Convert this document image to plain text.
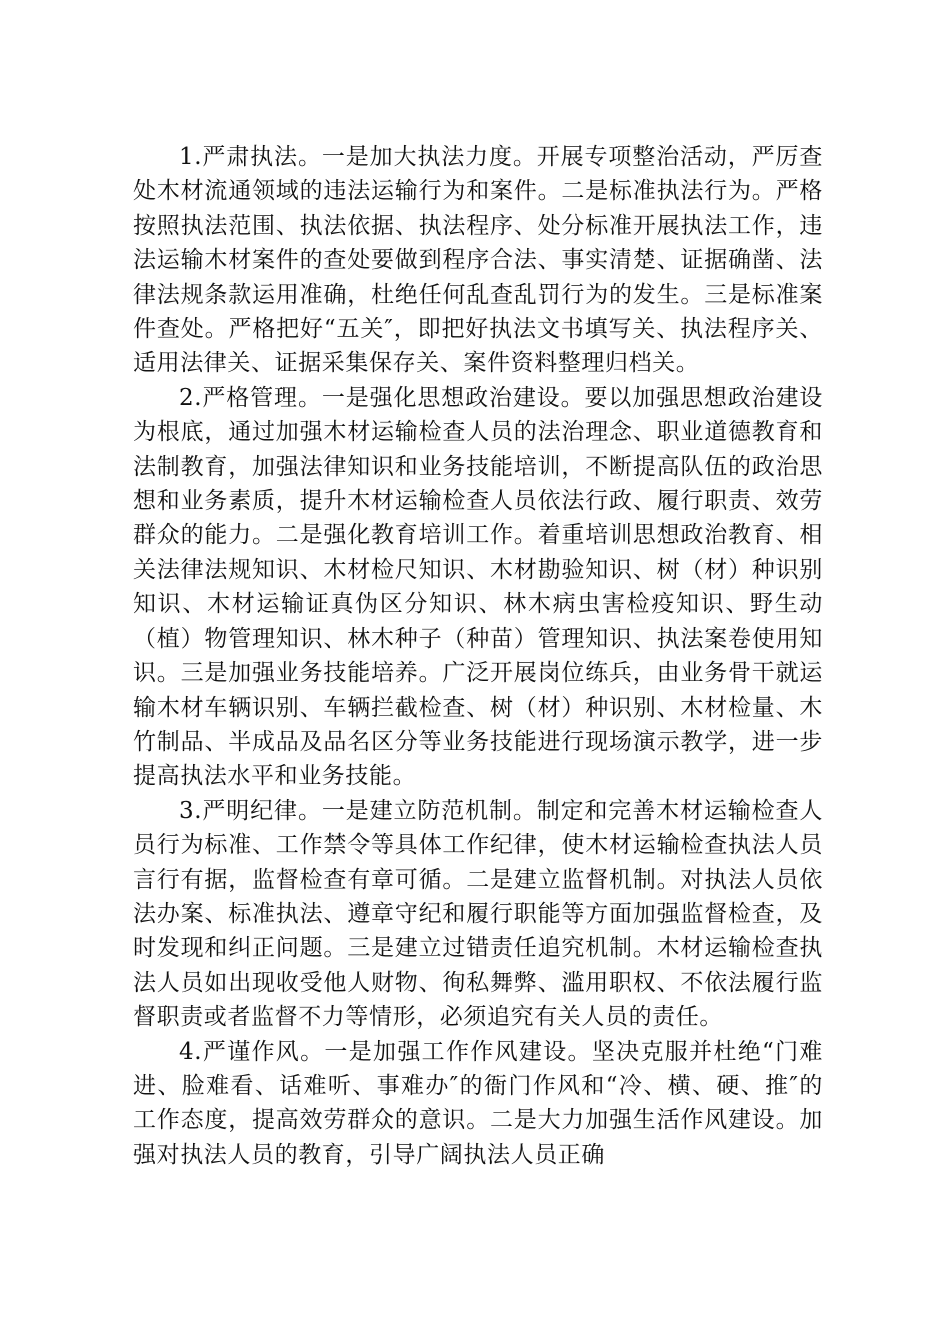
1.严肃执法。一是加大执法力度。开展专项整治活动，严厉查处木材流通领域的违法运输行为和案件。二是标准执法行为。严格按照执法范围、执法依据、执法程序、处分标准开展执法工作，违法运输木材案件的查处要做到程序合法、事实清楚、证据确凿、法律法规条款运用准确，杜绝任何乱查乱罚行为的发生。三是标准案件查处。严格把好“五关″，即把好执法文书填写关、执法程序关、适用法律关、证据采集保存关、案件资料整理归档关。

2.严格管理。一是强化思想政治建设。要以加强思想政治建设为根底，通过加强木材运输检查人员的法治理念、职业道德教育和法制教育，加强法律知识和业务技能培训，不断提高队伍的政治思想和业务素质，提升木材运输检查人员依法行政、履行职责、效劳群众的能力。二是强化教育培训工作。着重培训思想政治教育、相关法律法规知识、木材检尺知识、木材勘验知识、树（材）种识别知识、木材运输证真伪区分知识、林木病虫害检疫知识、野生动（植）物管理知识、林木种子（种苗）管理知识、执法案卷使用知识。三是加强业务技能培养。广泛开展岗位练兵，由业务骨干就运输木材车辆识别、车辆拦截检查、树（材）种识别、木材检量、木竹制品、半成品及品名区分等业务技能进行现场演示教学，进一步提高执法水平和业务技能。

3.严明纪律。一是建立防范机制。制定和完善木材运输检查人员行为标准、工作禁令等具体工作纪律，使木材运输检查执法人员言行有据，监督检查有章可循。二是建立监督机制。对执法人员依法办案、标准执法、遵章守纪和履行职能等方面加强监督检查，及时发现和纠正问题。三是建立过错责任追究机制。木材运输检查执法人员如出现收受他人财物、徇私舞弊、滥用职权、不依法履行监督职责或者监督不力等情形，必须追究有关人员的责任。

4.严谨作风。一是加强工作作风建设。坚决克服并杜绝“门难进、脸难看、话难听、事难办″的衙门作风和“冷、横、硬、推″的工作态度，提高效劳群众的意识。二是大力加强生活作风建设。加强对执法人员的教育，引导广阔执法人员正确
